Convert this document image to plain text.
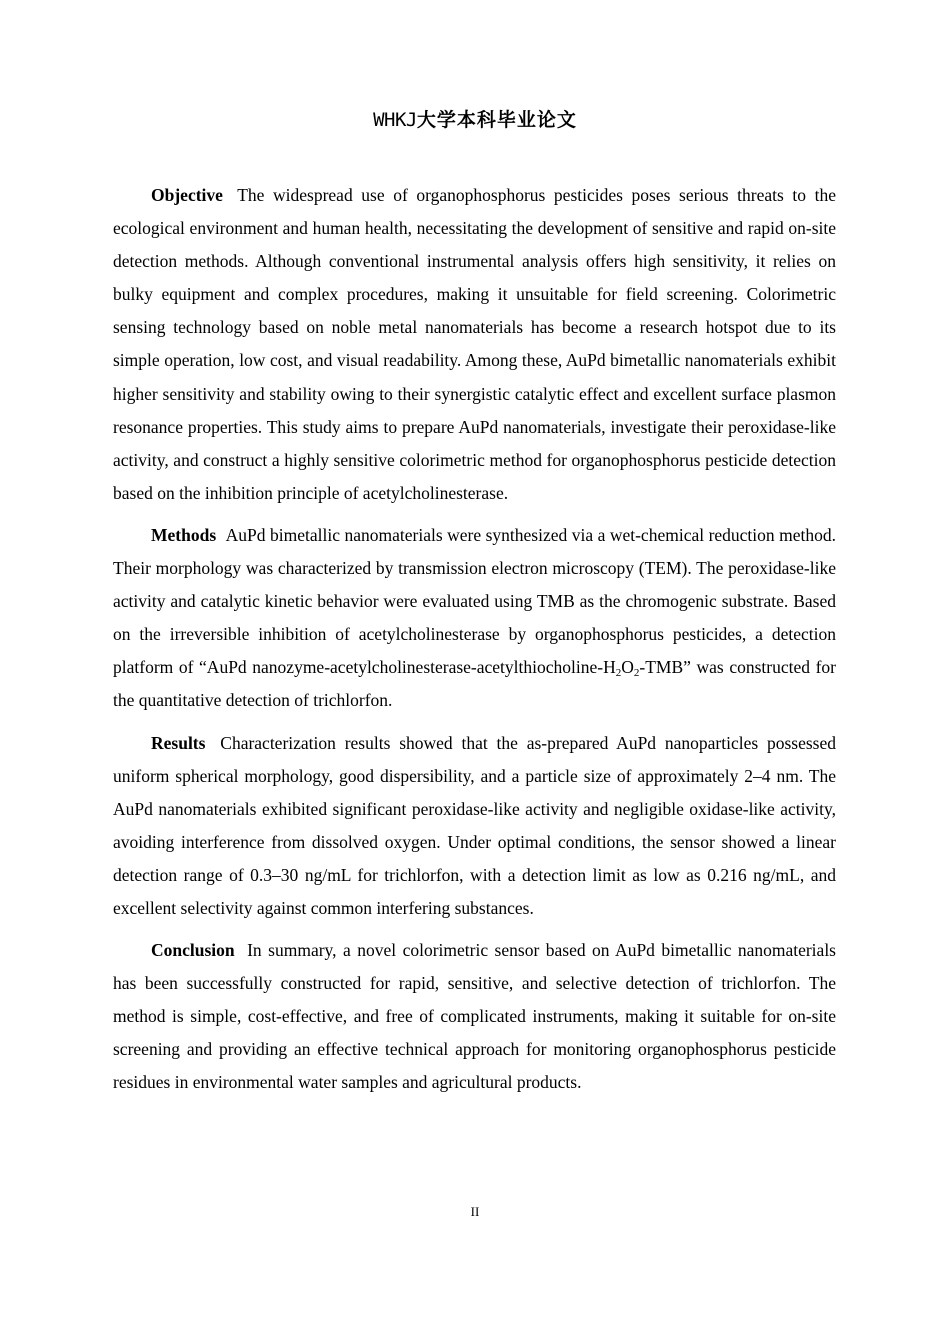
WHKJ大学本科毕业论文

Objective The widespread use of organophosphorus pesticides poses serious threats to the ecological environment and human health, necessitating the development of sensitive and rapid on-site detection methods. Although conventional instrumental analysis offers high sensitivity, it relies on bulky equipment and complex procedures, making it unsuitable for field screening. Colorimetric sensing technology based on noble metal nanomaterials has become a research hotspot due to its simple operation, low cost, and visual readability. Among these, AuPd bimetallic nanomaterials exhibit higher sensitivity and stability owing to their synergistic catalytic effect and excellent surface plasmon resonance properties. This study aims to prepare AuPd nanomaterials, investigate their peroxidase-like activity, and construct a highly sensitive colorimetric method for organophosphorus pesticide detection based on the inhibition principle of acetylcholinesterase.

Methods AuPd bimetallic nanomaterials were synthesized via a wet-chemical reduction method. Their morphology was characterized by transmission electron microscopy (TEM). The peroxidase-like activity and catalytic kinetic behavior were evaluated using TMB as the chromogenic substrate. Based on the irreversible inhibition of acetylcholinesterase by organophosphorus pesticides, a detection platform of “AuPd nanozyme-$acetylcholinesterase-acetylthiocholine-H_2O_2$-TMB” was constructed for the quantitative detection of trichlorfon.

Results Characterization results showed that the as-prepared AuPd nanoparticles possessed uniform spherical morphology, good dispersibility, and a particle size of approximately 2–4 nm. The AuPd nanomaterials exhibited significant peroxidase-like activity and negligible oxidase-like activity, avoiding interference from dissolved oxygen. Under optimal conditions, the sensor showed a linear detection range of 0.3–30 ng/mL for trichlorfon, with a detection limit as low as 0.216 ng/mL, and excellent selectivity against common interfering substances.

Conclusion In summary, a novel colorimetric sensor based on AuPd bimetallic nanomaterials has been successfully constructed for rapid, sensitive, and selective detection of trichlorfon. The method is simple, cost-effective, and free of complicated instruments, making it suitable for on-site screening and providing an effective technical approach for monitoring organophosphorus pesticide residues in environmental water samples and agricultural products.

II
